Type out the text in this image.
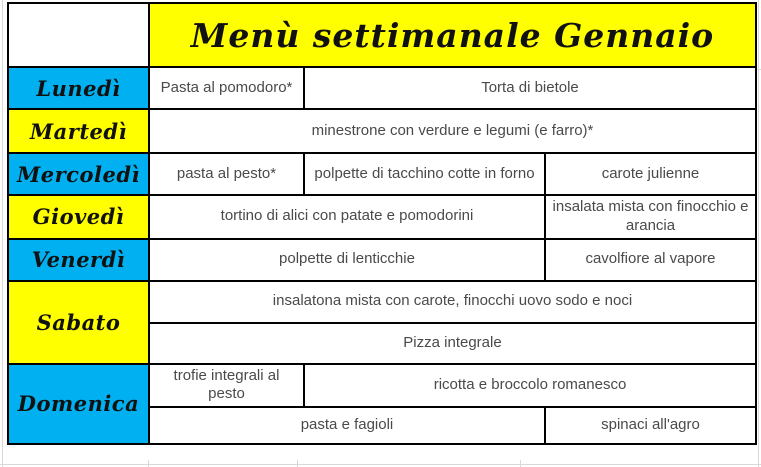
	Menù settimanale Gennaio		
Lunedì	Pasta al pomodoro*	Torta di bietole	
Martedì	minestrone con verdure e legumi (e farro)*		
Mercoledì	pasta al pesto*	polpette di tacchino cotte in forno	carote julienne
Giovedì	tortino di alici con patate e pomodorini		insalata mista con finocchio e arancia
Venerdì	polpette di lenticchie		cavolfiore al vapore
Sabato	insalatona mista con carote, finocchi uovo sodo e noci		
	Pizza integrale		
Domenica	trofie integrali al pesto	ricotta e broccolo romanesco	
	pasta e fagioli		spinaci all'agro
